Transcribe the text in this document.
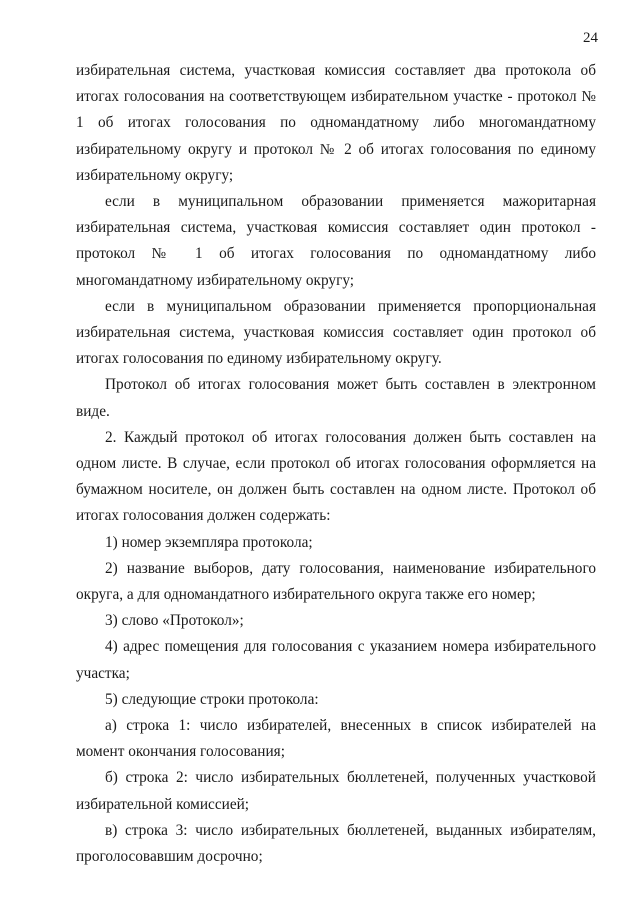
24

избирательная система, участковая комиссия составляет два протокола об итогах голосования на соответствующем избирательном участке - протокол № 1 об итогах голосования по одномандатному либо многомандатному избирательному округу и протокол № 2 об итогах голосования по единому избирательному округу;

если в муниципальном образовании применяется мажоритарная избирательная система, участковая комиссия составляет один протокол - протокол № 1 об итогах голосования по одномандатному либо многомандатному избирательному округу;

если в муниципальном образовании применяется пропорциональная избирательная система, участковая комиссия составляет один протокол об итогах голосования по единому избирательному округу.

Протокол об итогах голосования может быть составлен в электронном виде.

2. Каждый протокол об итогах голосования должен быть составлен на одном листе. В случае, если протокол об итогах голосования оформляется на бумажном носителе, он должен быть составлен на одном листе. Протокол об итогах голосования должен содержать:

1) номер экземпляра протокола;

2) название выборов, дату голосования, наименование избирательного округа, а для одномандатного избирательного округа также его номер;

3) слово «Протокол»;

4) адрес помещения для голосования с указанием номера избирательного участка;

5) следующие строки протокола:

а) строка 1: число избирателей, внесенных в список избирателей на момент окончания голосования;

б) строка 2: число избирательных бюллетеней, полученных участковой избирательной комиссией;

в) строка 3: число избирательных бюллетеней, выданных избирателям, проголосовавшим досрочно;
